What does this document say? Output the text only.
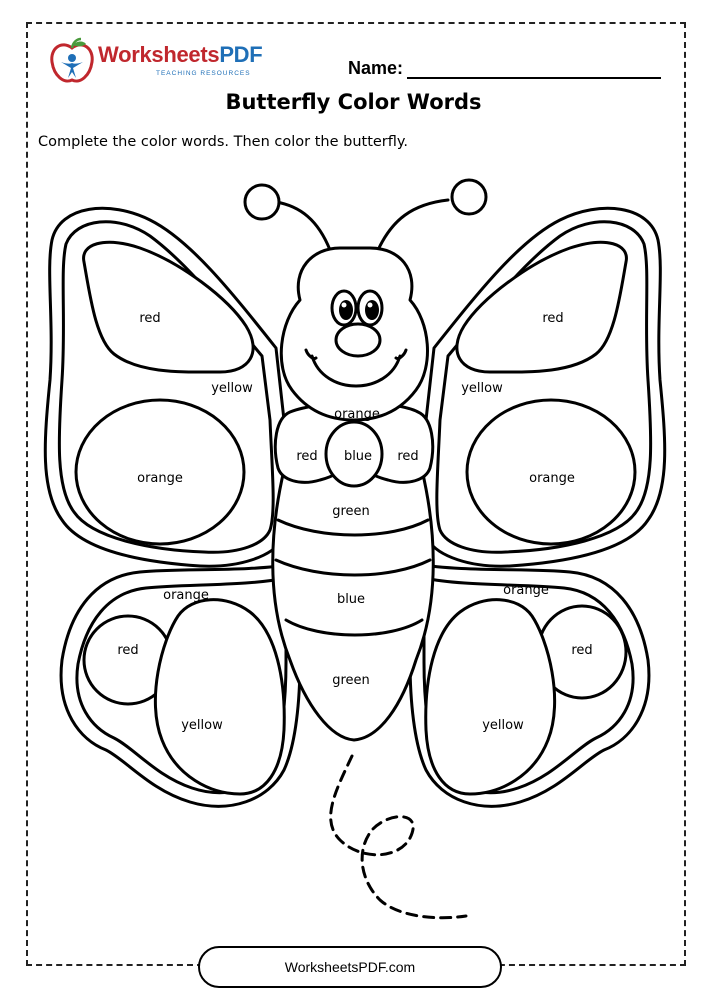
WorksheetsPDF
TEACHING RESOURCES	Name:
Butterfly Color Words
Complete the color words. Then color the butterfly.
red
yellow
orange
red
yellow
orange
orange
red blue red
green
blue
green
orange
red
yellow
orange
red
yellow
WorksheetsPDF.com
